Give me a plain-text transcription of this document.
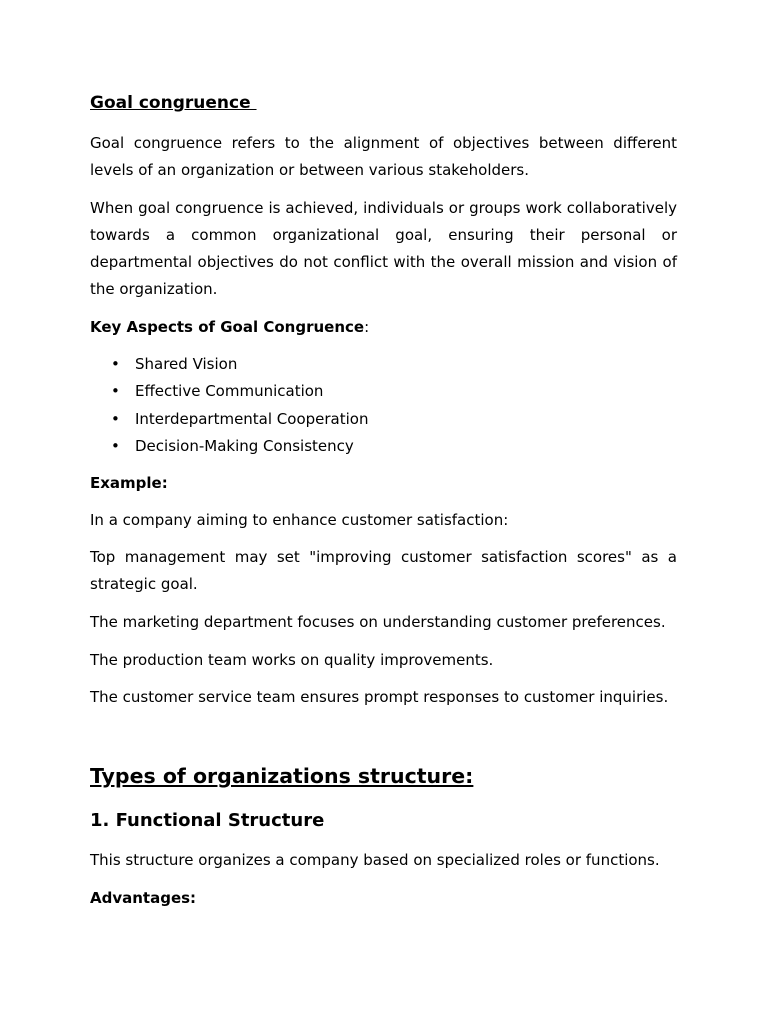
Goal congruence

Goal congruence refers to the alignment of objectives between different levels of an organization or between various stakeholders.

When goal congruence is achieved, individuals or groups work collaboratively towards a common organizational goal, ensuring their personal or departmental objectives do not conflict with the overall mission and vision of the organization.

Key Aspects of Goal Congruence:

• Shared Vision
• Effective Communication
• Interdepartmental Cooperation
• Decision-Making Consistency

Example:

In a company aiming to enhance customer satisfaction:

Top management may set "improving customer satisfaction scores" as a strategic goal.

The marketing department focuses on understanding customer preferences.

The production team works on quality improvements.

The customer service team ensures prompt responses to customer inquiries.

Types of organizations structure:
1. Functional Structure

This structure organizes a company based on specialized roles or functions.

Advantages:
